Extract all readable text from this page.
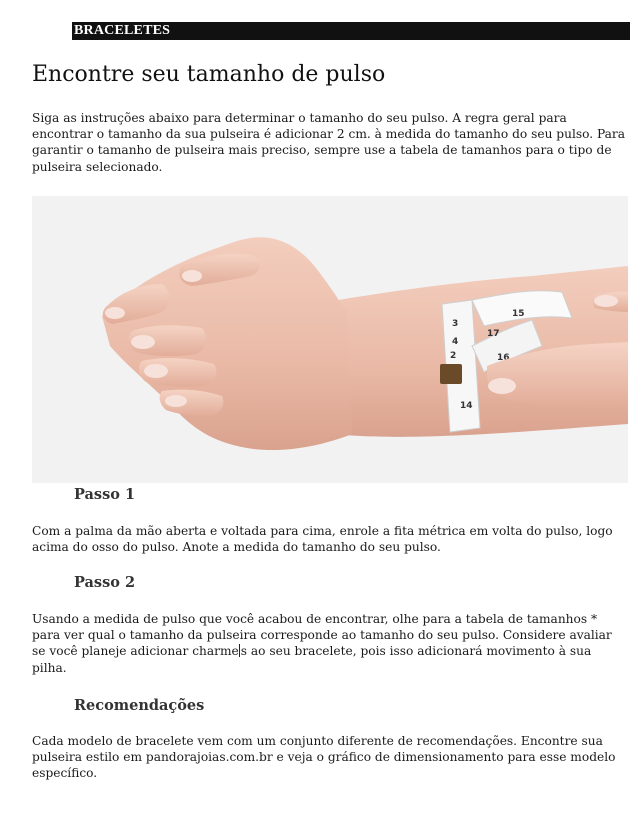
BRACELETES
Encontre seu tamanho de pulso

Siga as instruções abaixo para determinar o tamanho do seu pulso. A regra geral para encontrar o tamanho da sua pulseira é adicionar 2 cm. à medida do tamanho do seu pulso. Para garantir o tamanho de pulseira mais preciso, sempre use a tabela de tamanhos para o tipo de pulseira selecionado.

3
4
2
17
16
15
14
Passo 1

Com a palma da mão aberta e voltada para cima, enrole a fita métrica em volta do pulso, logo acima do osso do pulso. Anote a medida do tamanho do seu pulso.

Passo 2

Usando a medida de pulso que você acabou de encontrar, olhe para a tabela de tamanhos * para ver qual o tamanho da pulseira corresponde ao tamanho do seu pulso. Considere avaliar se você planeje adicionar charme s ao seu bracelete, pois isso adicionará movimento à sua pilha.

Recomendações

Cada modelo de bracelete vem com um conjunto diferente de recomendações. Encontre sua pulseira estilo em pandorajoias.com.br e veja o gráfico de dimensionamento para esse modelo específico.
